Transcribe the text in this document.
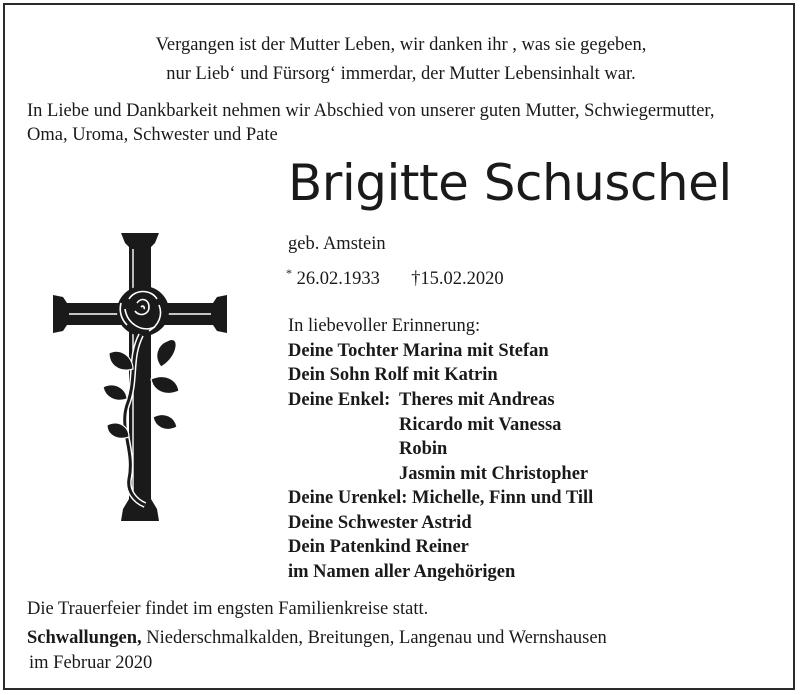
Vergangen ist der Mutter Leben, wir danken ihr , was sie gegeben,
nur Lieb‘ und Fürsorg‘ immerdar, der Mutter Lebensinhalt war.
In Liebe und Dankbarkeit nehmen wir Abschied von unserer guten Mutter, Schwiegermutter,
Oma, Uroma, Schwester und Pate
Brigitte Schuschel
geb. Amstein
* 26.02.1933 †15.02.2020
In liebevoller Erinnerung:
Deine Tochter Marina mit Stefan
Dein Sohn Rolf mit Katrin
Deine Enkel: Theres mit Andreas
Ricardo mit Vanessa
Robin
Jasmin mit Christopher
Deine Urenkel: Michelle, Finn und Till
Deine Schwester Astrid
Dein Patenkind Reiner
im Namen aller Angehörigen
Die Trauerfeier findet im engsten Familienkreise statt.
Schwallungen, Niederschmalkalden, Breitungen, Langenau und Wernshausen
im Februar 2020
